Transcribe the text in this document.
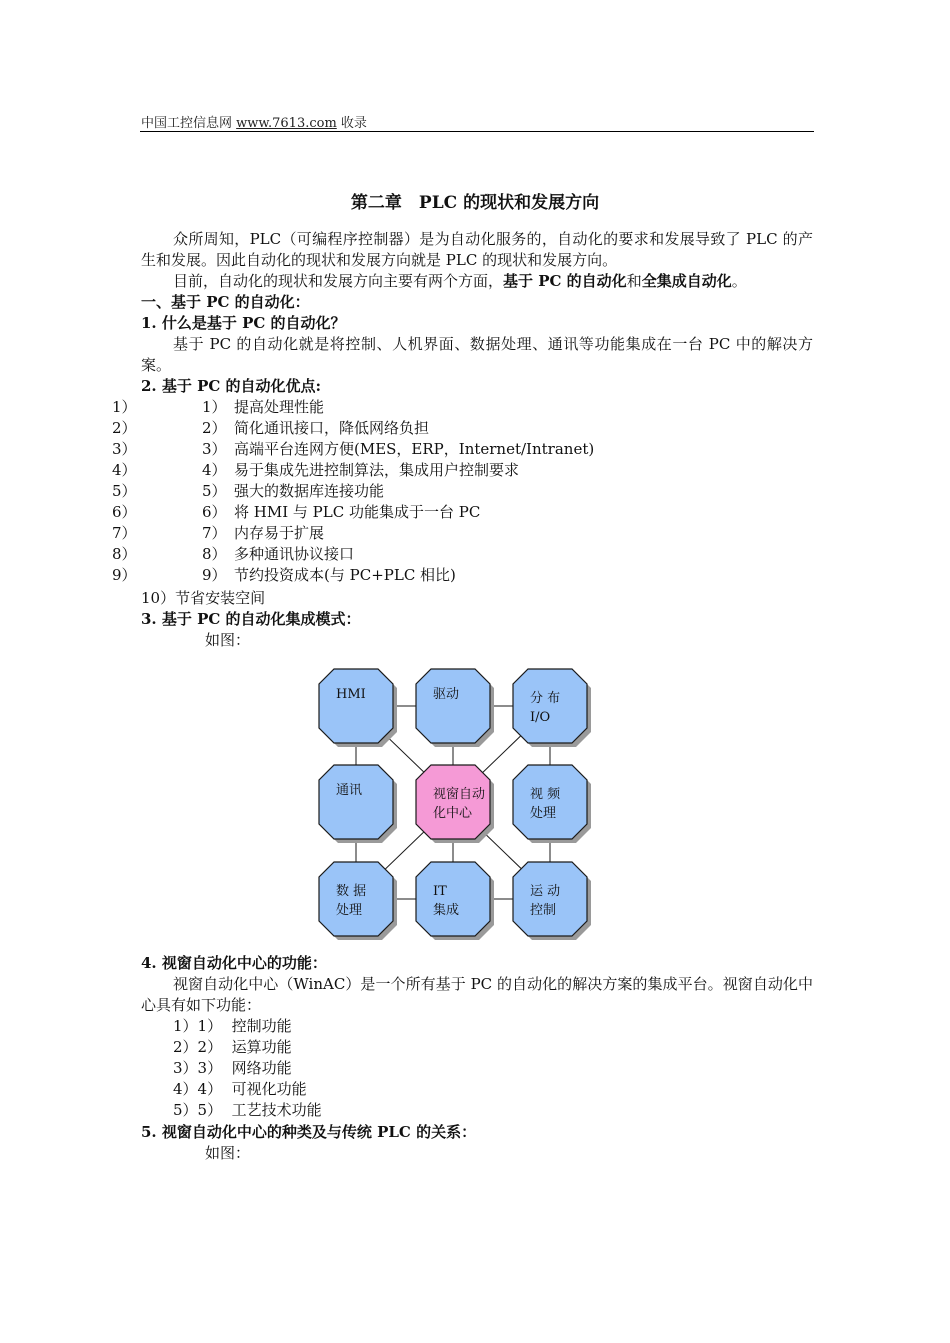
中国工控信息网 www.7613.com 收录
第二章　PLC 的现状和发展方向
众所周知，PLC（可编程序控制器）是为自动化服务的，自动化的要求和发展导致了 PLC 的产生和发展。因此自动化的现状和发展方向就是 PLC 的现状和发展方向。
目前，自动化的现状和发展方向主要有两个方面，基于 PC 的自动化和全集成自动化。
一、基于 PC 的自动化：
1. 什么是基于 PC 的自动化？
基于 PC 的自动化就是将控制、人机界面、数据处理、通讯等功能集成在一台 PC 中的解决方案。
2. 基于 PC 的自动化优点:
1）	1） 提高处理性能
2）	2） 简化通讯接口，降低网络负担
3）	3） 高端平台连网方便(MES，ERP，Internet/Intranet)
4）	4） 易于集成先进控制算法，集成用户控制要求
5）	5） 强大的数据库连接功能
6）	6） 将 HMI 与 PLC 功能集成于一台 PC
7）	7） 内存易于扩展
8）	8） 多种通讯协议接口
9）	9） 节约投资成本(与 PC+PLC 相比)
10）节省安装空间
3. 基于 PC 的自动化集成模式：
如图：
HMI	驱动	分 布
I/O
通讯	视窗自动
化中心
视 频
处理
数 据
处理
IT
集成
运 动
控制
4. 视窗自动化中心的功能：
视窗自动化中心（WinAC）是一个所有基于 PC 的自动化的解决方案的集成平台。视窗自动化中心具有如下功能：
1）1） 控制功能
2）2） 运算功能
3）3） 网络功能
4）4） 可视化功能
5）5） 工艺技术功能
5. 视窗自动化中心的种类及与传统 PLC 的关系：
如图：
